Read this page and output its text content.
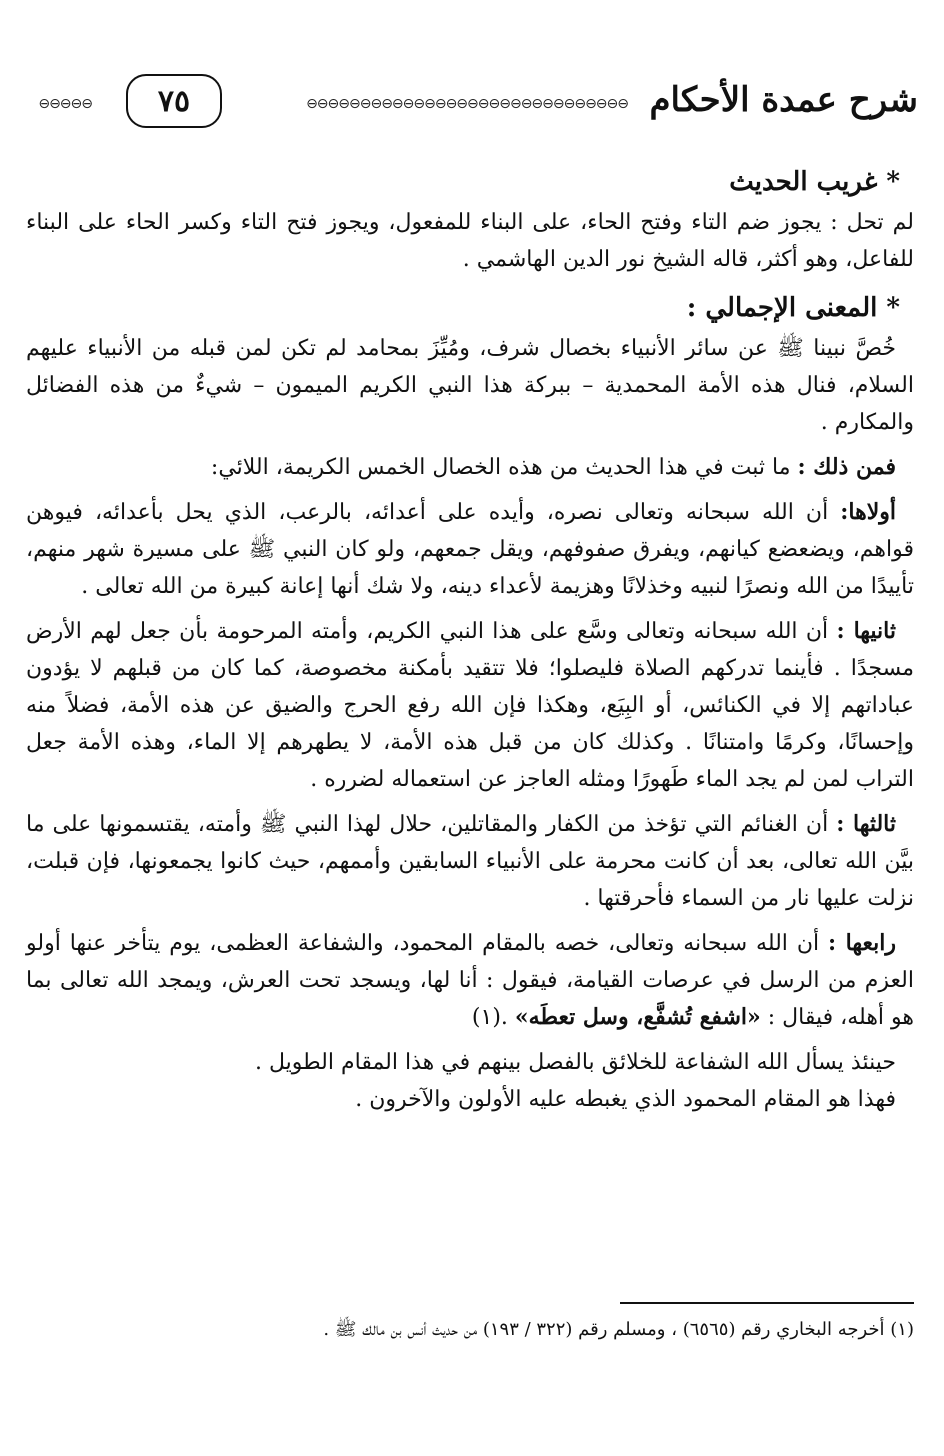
شرح عمدة الأحكام
⊖⊖⊖⊖⊖⊖⊖⊖⊖⊖⊖⊖⊖⊖⊖⊖⊖⊖⊖⊖⊖⊖⊖⊖⊖⊖⊖⊖⊖⊖
٧٥
⊖⊖⊖⊖⊖
* غريب الحديث

لم تحل : يجوز ضم التاء وفتح الحاء، على البناء للمفعول، ويجوز فتح التاء وكسر الحاء على البناء للفاعل، وهو أكثر، قاله الشيخ نور الدين الهاشمي .

* المعنى الإجمالي :

خُصَّ نبينا ﷺ عن سائر الأنبياء بخصال شرف، ومُيِّزَ بمحامد لم تكن لمن قبله من الأنبياء عليهم السلام، فنال هذه الأمة المحمدية – ببركة هذا النبي الكريم الميمون – شيءٌ من هذه الفضائل والمكارم .

فمن ذلك : ما ثبت في هذا الحديث من هذه الخصال الخمس الكريمة، اللائي:

أولاها: أن الله سبحانه وتعالى نصره، وأيده على أعدائه، بالرعب، الذي يحل بأعدائه، فيوهن قواهم، ويضعضع كيانهم، ويفرق صفوفهم، ويقل جمعهم، ولو كان النبي ﷺ على مسيرة شهر منهم، تأييدًا من الله ونصرًا لنبيه وخذلانًا وهزيمة لأعداء دينه، ولا شك أنها إعانة كبيرة من الله تعالى .

ثانيها : أن الله سبحانه وتعالى وسَّع على هذا النبي الكريم، وأمته المرحومة بأن جعل لهم الأرض مسجدًا . فأينما تدركهم الصلاة فليصلوا؛ فلا تتقيد بأمكنة مخصوصة، كما كان من قبلهم لا يؤدون عباداتهم إلا في الكنائس، أو البِيَع، وهكذا فإن الله رفع الحرج والضيق عن هذه الأمة، فضلاً منه وإحسانًا، وكرمًا وامتنانًا . وكذلك كان من قبل هذه الأمة، لا يطهرهم إلا الماء، وهذه الأمة جعل التراب لمن لم يجد الماء طَهورًا ومثله العاجز عن استعماله لضرره .

ثالثها : أن الغنائم التي تؤخذ من الكفار والمقاتلين، حلال لهذا النبي ﷺ وأمته، يقتسمونها على ما بيَّن الله تعالى، بعد أن كانت محرمة على الأنبياء السابقين وأممهم، حيث كانوا يجمعونها، فإن قبلت، نزلت عليها نار من السماء فأحرقتها .

رابعها : أن الله سبحانه وتعالى، خصه بالمقام المحمود، والشفاعة العظمى، يوم يتأخر عنها أولو العزم من الرسل في عرصات القيامة، فيقول : أنا لها، ويسجد تحت العرش، ويمجد الله تعالى بما هو أهله، فيقال : «اشفع تُشفَّع، وسل تعطَه» .(١)

حينئذ يسأل الله الشفاعة للخلائق بالفصل بينهم في هذا المقام الطويل .

فهذا هو المقام المحمود الذي يغبطه عليه الأولون والآخرون .

(١) أخرجه البخاري رقم (٦٥٦٥) ، ومسلم رقم (٣٢٢ / ١٩٣) من حديث أنس بن مالك ﷺ .
